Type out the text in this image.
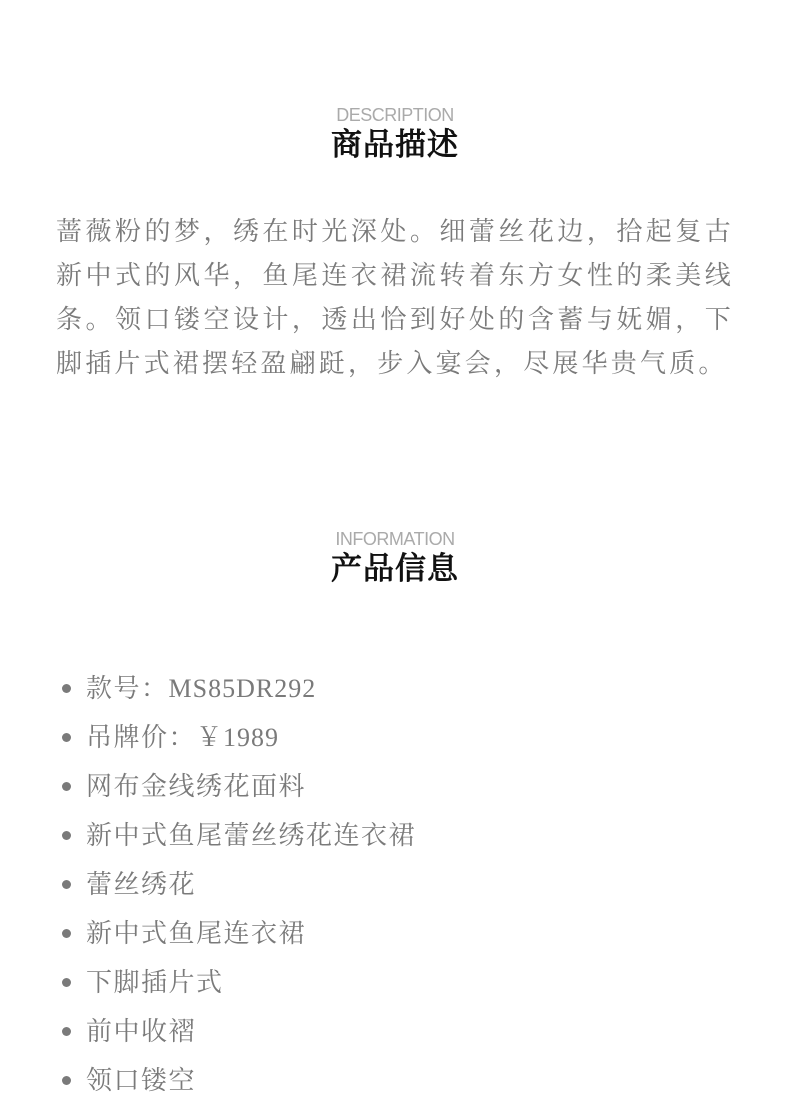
DESCRIPTION
商品描述

蔷薇粉的梦，绣在时光深处。细蕾丝花边，拾起复古新中式的风华，鱼尾连衣裙流转着东方女性的柔美线条。领口镂空设计，透出恰到好处的含蓄与妩媚，下脚插片式裙摆轻盈翩跹，步入宴会，尽展华贵气质。

INFORMATION
产品信息
款号：MS85DR292
吊牌价：￥1989
网布金线绣花面料
新中式鱼尾蕾丝绣花连衣裙
蕾丝绣花
新中式鱼尾连衣裙
下脚插片式
前中收褶
领口镂空
